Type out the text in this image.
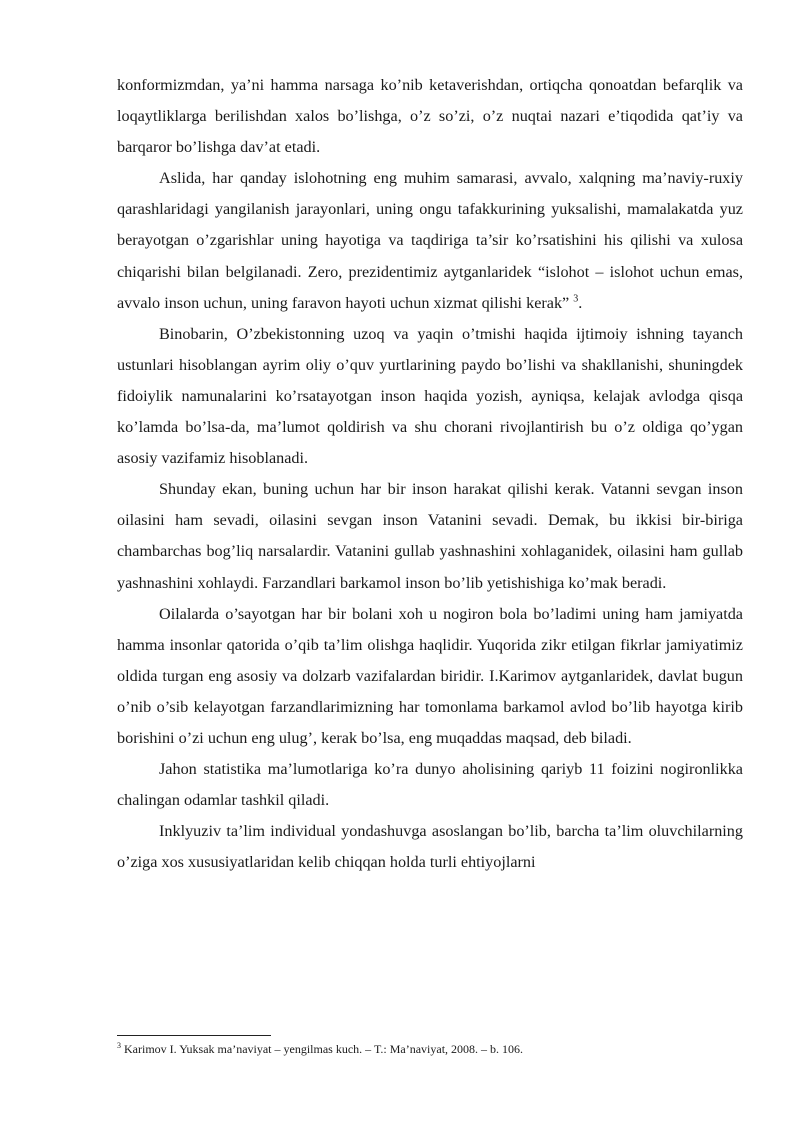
konformizmdan, ya’ni hamma narsaga ko’nib ketaverishdan, ortiqcha qonoatdan befarqlik va loqaytliklarga berilishdan xalos bo’lishga, o’z so’zi, o’z nuqtai nazari e’tiqodida qat’iy va barqaror bo’lishga dav’at etadi.

Aslida, har qanday islohotning eng muhim samarasi, avvalo, xalqning ma’naviy-ruxiy qarashlaridagi yangilanish jarayonlari, uning ongu tafakkurining yuksalishi, mamalakatda yuz berayotgan o’zgarishlar uning hayotiga va taqdiriga ta’sir ko’rsatishini his qilishi va xulosa chiqarishi bilan belgilanadi. Zero, prezidentimiz aytganlaridek “islohot – islohot uchun emas, avvalo inson uchun, uning faravon hayoti uchun xizmat qilishi kerak” $^3$.

Binobarin, O’zbekistonning uzoq va yaqin o’tmishi haqida ijtimoiy ishning tayanch ustunlari hisoblangan ayrim oliy o’quv yurtlarining paydo bo’lishi va shakllanishi, shuningdek fidoiylik namunalarini ko’rsatayotgan inson haqida yozish, ayniqsa, kelajak avlodga qisqa ko’lamda bo’lsa-da, ma’lumot qoldirish va shu chorani rivojlantirish bu o’z oldiga qo’ygan asosiy vazifamiz hisoblanadi.

Shunday ekan, buning uchun har bir inson harakat qilishi kerak. Vatanni sevgan inson oilasini ham sevadi, oilasini sevgan inson Vatanini sevadi. Demak, bu ikkisi bir-biriga chambarchas bog’liq narsalardir. Vatanini gullab yashnashini xohlaganidek, oilasini ham gullab yashnashini xohlaydi. Farzandlari barkamol inson bo’lib yetishishiga ko’mak beradi.

Oilalarda o’sayotgan har bir bolani xoh u nogiron bola bo’ladimi uning ham jamiyatda hamma insonlar qatorida o’qib ta’lim olishga haqlidir. Yuqorida zikr etilgan fikrlar jamiyatimiz oldida turgan eng asosiy va dolzarb vazifalardan biridir. I.Karimov aytganlaridek, davlat bugun o’nib o’sib kelayotgan farzandlarimizning har tomonlama barkamol avlod bo’lib hayotga kirib borishini o’zi uchun eng ulug’, kerak bo’lsa, eng muqaddas maqsad, deb biladi.

Jahon statistika ma’lumotlariga ko’ra dunyo aholisining qariyb 11 foizini nogironlikka chalingan odamlar tashkil qiladi.

Inklyuziv ta’lim individual yondashuvga asoslangan bo’lib, barcha ta’lim oluvchilarning o’ziga xos xususiyatlaridan kelib chiqqan holda turli ehtiyojlarni

$^3$ Karimov I. Yuksak ma’naviyat – yengilmas kuch. – T.: Ma’naviyat, 2008. – b. 106.
